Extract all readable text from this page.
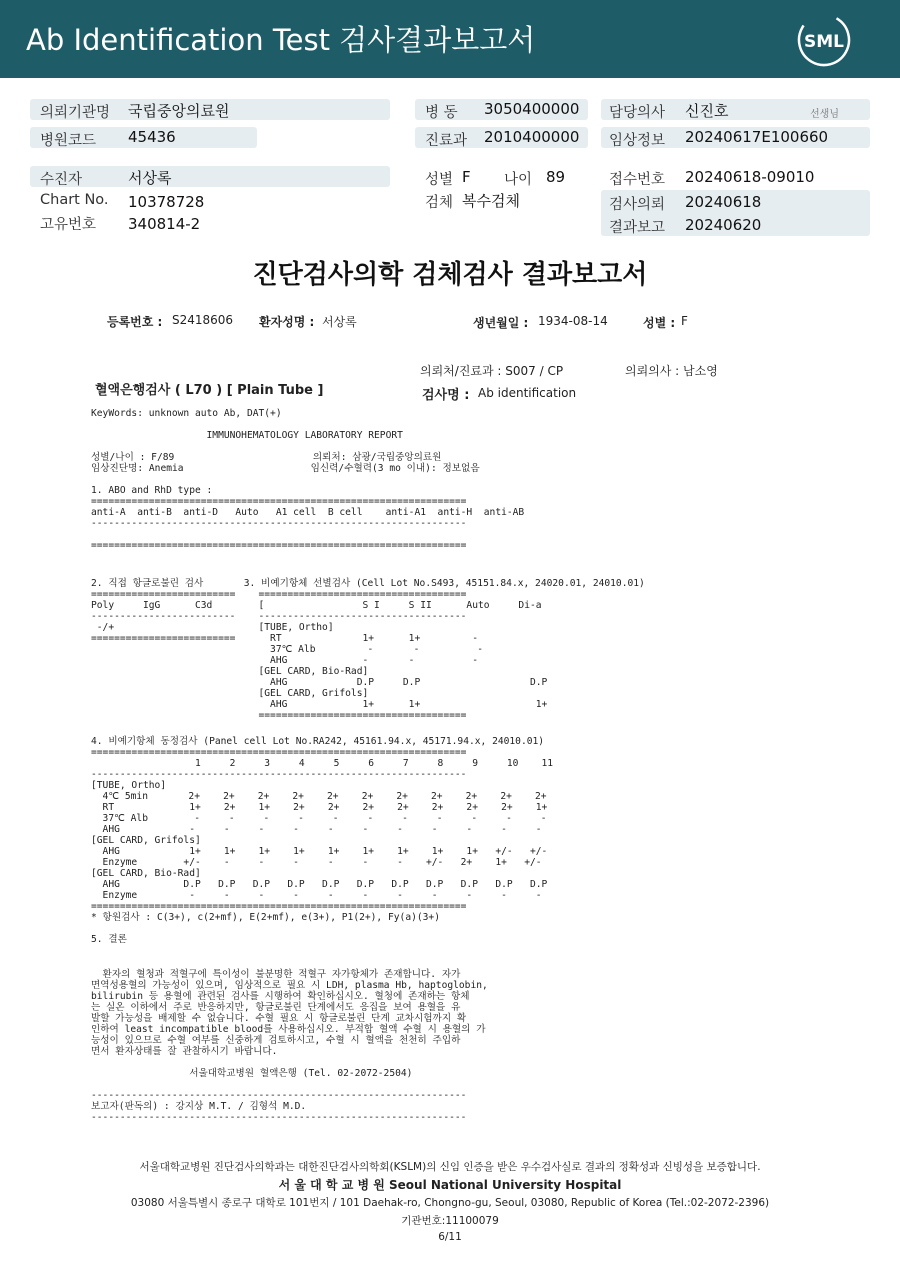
Ab Identification Test 검사결과보고서	SML
의뢰기관명 국립중앙의료원
병원코드 45436
병 동 3050400000
진료과 2010400000
담당의사 신진호	선생님
임상정보 20240617E100660
수진자	서상록
Chart No. 10378728
고유번호 340814-2
성별 F 나이 89
검체 복수검체
접수번호 20240618-09010
검사의뢰 20240618
결과보고 20240620
진단검사의학 검체검사 결과보고서
등록번호 : S2418606 환자성명 : 서상록	생년월일 : 1934-08-14	성별 : F
의뢰처/진료과 : S007 / CP	의뢰의사 : 남소영
혈액은행검사 ( L70 ) [ Plain Tube ]	검사명 : Ab identification
KeyWords: unknown auto Ab, DAT(+)

IMMUNOHEMATOLOGY LABORATORY REPORT

성별/나이 : F/89                        의뢰처: 삼광/국립중앙의료원
임상진단명: Anemia                      임신력/수혈력(3 mo 이내): 정보없음

1. ABO and RhD type :
=================================================================
anti-A  anti-B  anti-D   Auto   A1 cell  B cell    anti-A1  anti-H  anti-AB
-----------------------------------------------------------------

=================================================================
2. 직접 항글로불린 검사       3. 비예기항체 선별검사 (Cell Lot No.S493, 45151.84.x, 24020.01, 24010.01)
=========================    ====================================
Poly     IgG      C3d        [                 S I     S II      Auto     Di-a
-------------------------    ------------------------------------
-/+                         [TUBE, Ortho]
=========================      RT              1+      1+         -
37℃ Alb         -       -          -
AHG             -       -          -
[GEL CARD, Bio-Rad]
AHG            D.P     D.P                   D.P
[GEL CARD, Grifols]
AHG             1+      1+                    1+
====================================
4. 비예기항체 동정검사 (Panel cell Lot No.RA242, 45161.94.x, 45171.94.x, 24010.01)
=================================================================
1     2     3     4     5     6     7     8     9     10    11
-----------------------------------------------------------------
[TUBE, Ortho]
4℃ 5min       2+    2+    2+    2+    2+    2+    2+    2+    2+    2+    2+
RT             1+    2+    1+    2+    2+    2+    2+    2+    2+    2+    1+
37℃ Alb        -     -     -     -     -     -     -     -     -     -     -
AHG            -     -     -     -     -     -     -     -     -     -     -
[GEL CARD, Grifols]
AHG            1+    1+    1+    1+    1+    1+    1+    1+    1+   +/-   +/-
Enzyme        +/-    -     -     -     -     -     -    +/-   2+    1+   +/-
[GEL CARD, Bio-Rad]
AHG           D.P   D.P   D.P   D.P   D.P   D.P   D.P   D.P   D.P   D.P   D.P
Enzyme         -     -     -     -     -     -     -     -     -     -     -
=================================================================
* 항원검사 : C(3+), c(2+mf), E(2+mf), e(3+), P1(2+), Fy(a)(3+)

5. 결론
환자의 혈청과 적혈구에 특이성이 불분명한 적혈구 자가항체가 존재합니다. 자가
면역성용혈의 가능성이 있으며, 임상적으로 필요 시 LDH, plasma Hb, haptoglobin,
bilirubin 등 용혈에 관련된 검사를 시행하여 확인하십시오. 혈청에 존재하는 항체
는 실온 이하에서 주로 반응하지만, 항글로불린 단계에서도 응집을 보여 용혈을 유
발할 가능성을 배제할 수 없습니다. 수혈 필요 시 항글로불린 단계 교차시험까지 확
인하여 least incompatible blood를 사용하십시오. 부적합 혈액 수혈 시 용혈의 가
능성이 있으므로 수혈 여부를 신중하게 검토하시고, 수혈 시 혈액을 천천히 주입하
면서 환자상태를 잘 관찰하시기 바랍니다.

서울대학교병원 혈액은행 (Tel. 02-2072-2504)

-----------------------------------------------------------------
보고자(판독의) : 강지상 M.T. / 김형석 M.D.
-----------------------------------------------------------------
서울대학교병원 진단검사의학과는 대한진단검사의학회(KSLM)의 신임 인증을 받은 우수검사실로 결과의 정확성과 신빙성을 보증합니다.
서 울 대 학 교 병 원 Seoul National University Hospital
03080 서울특별시 종로구 대학로 101번지 / 101 Daehak-ro, Chongno-gu, Seoul, 03080, Republic of Korea (Tel.:02-2072-2396)
기관번호:11100079
6/11
